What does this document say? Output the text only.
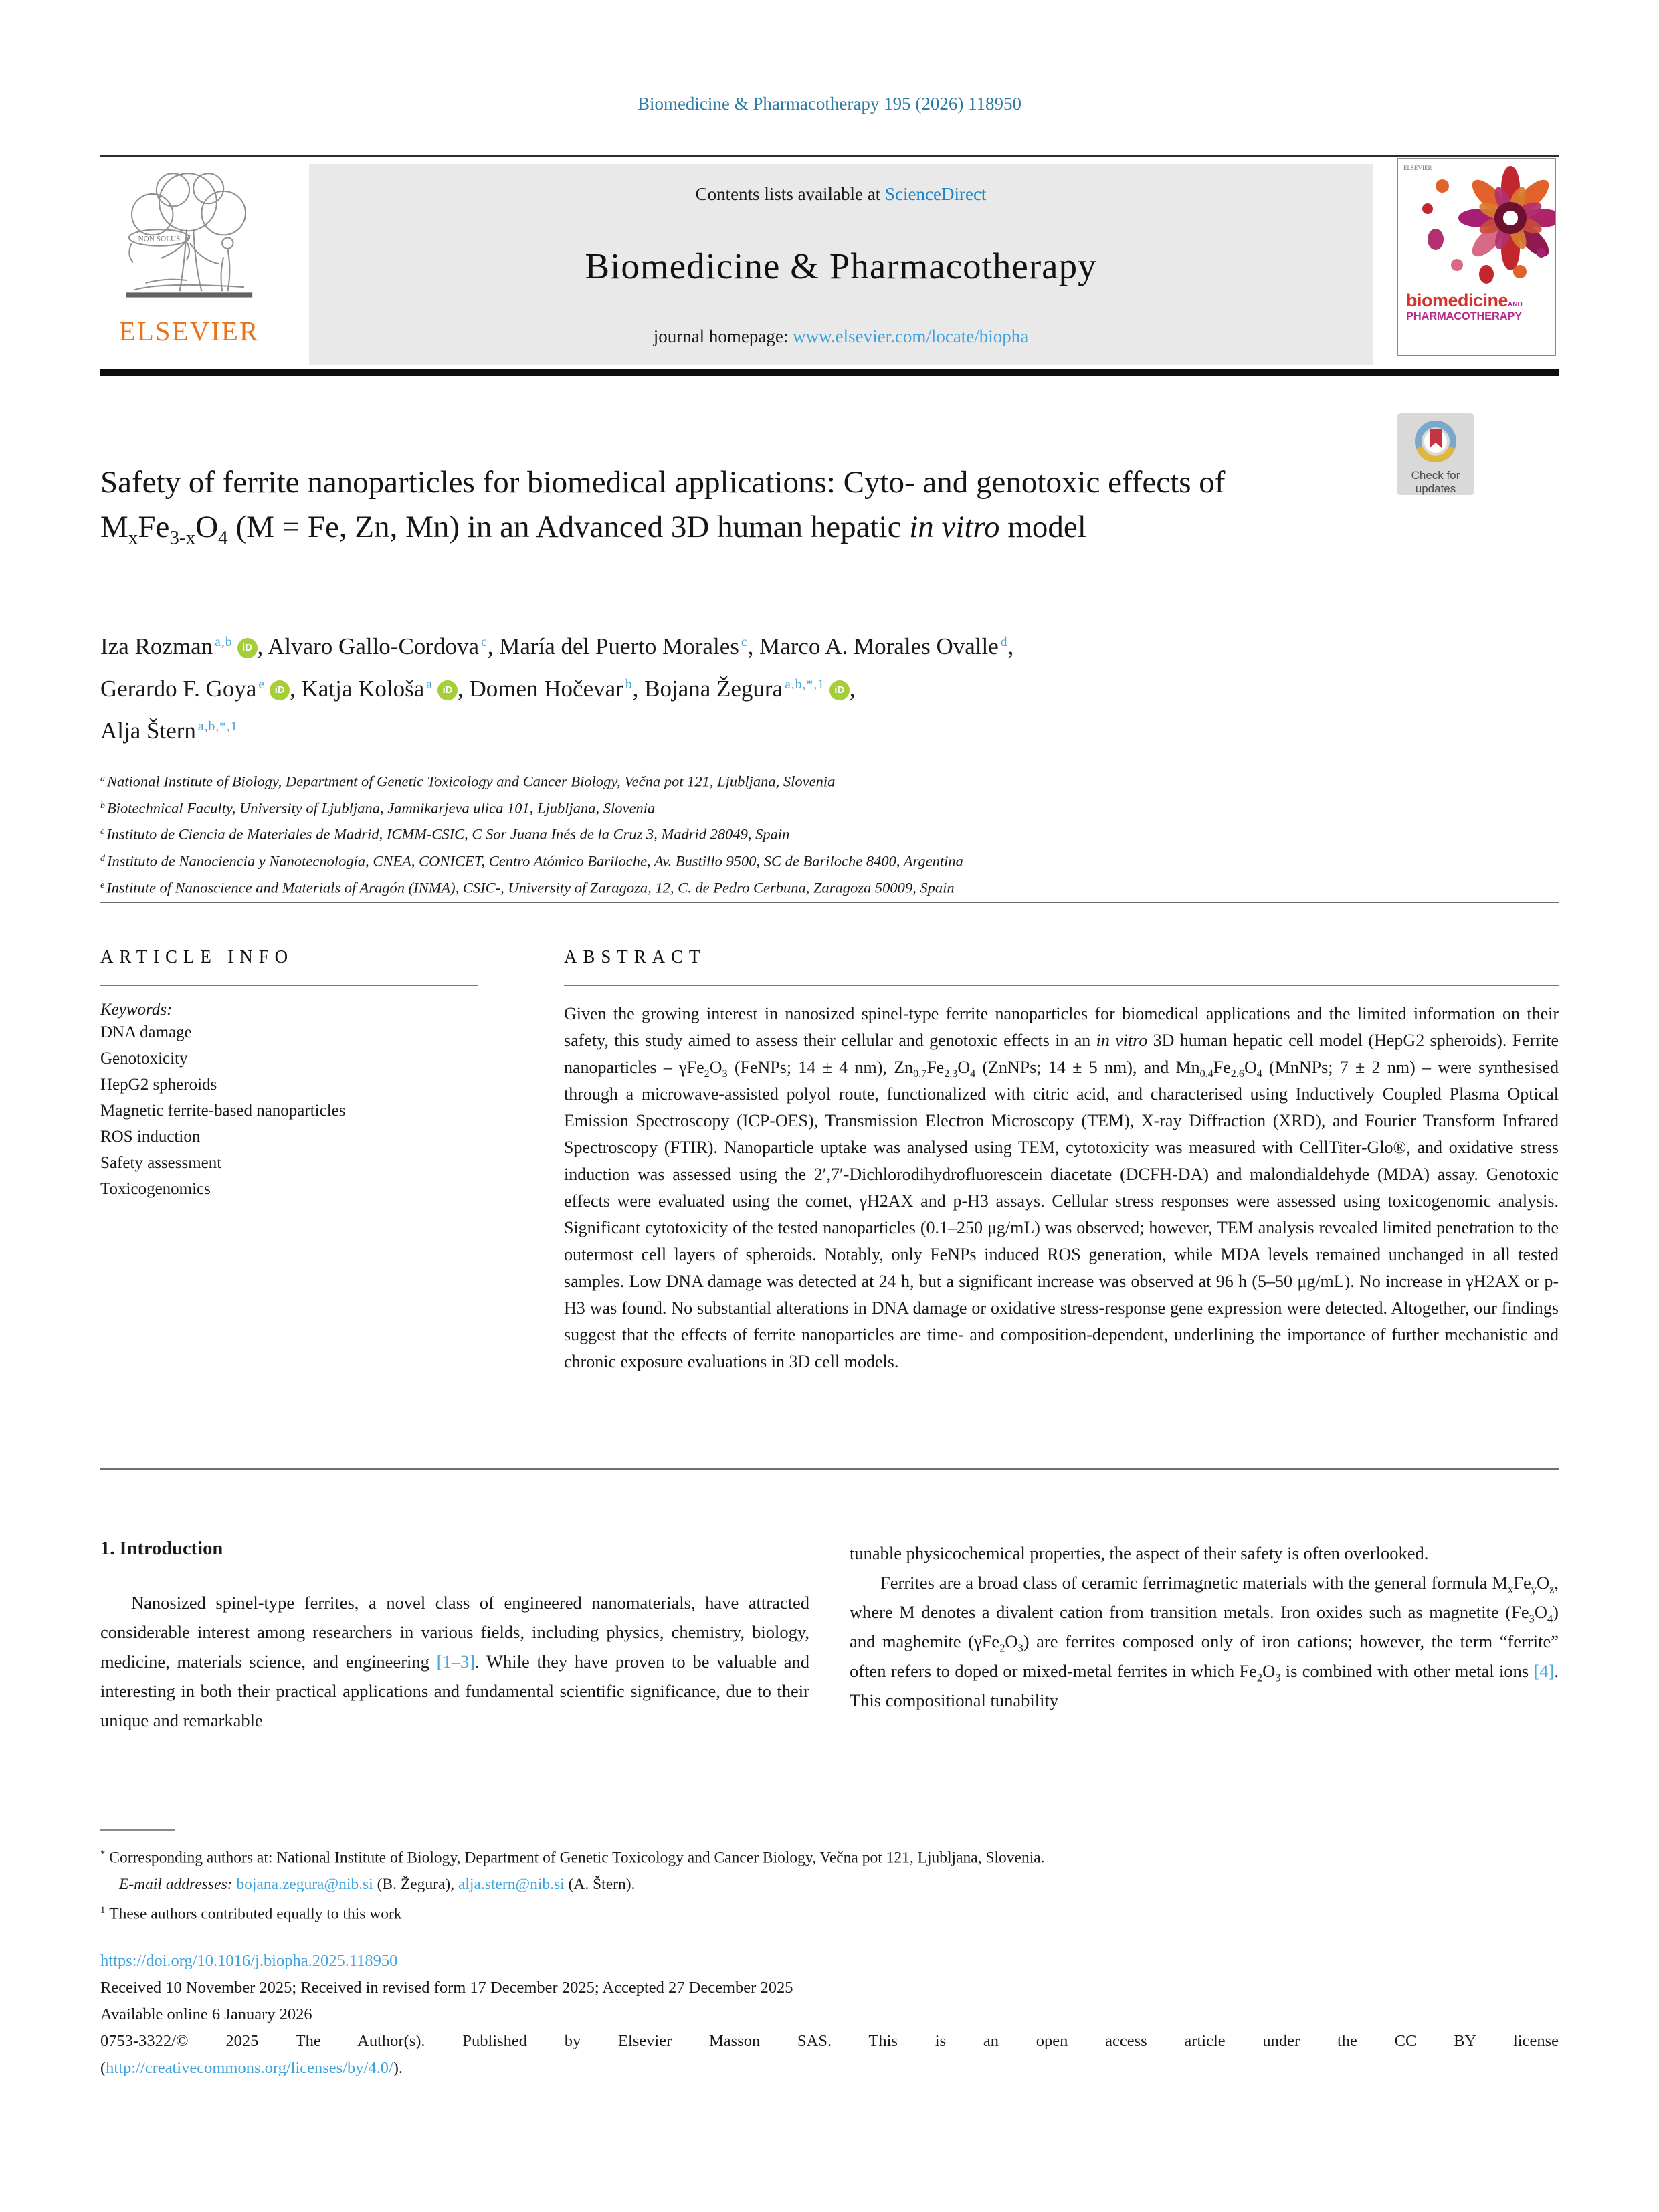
Biomedicine & Pharmacotherapy 195 (2026) 118950
NON SOLUS
ELSEVIER
Contents lists available at ScienceDirect
Biomedicine & Pharmacotherapy
journal homepage: www.elsevier.com/locate/biopha
ELSEVIER
biomedicineAND
PHARMACOTHERAPY
Check for
updates
Safety of ferrite nanoparticles for biomedical applications: Cyto- and genotoxic effects of $M_xFe_{3-x}O_4$ (M = Fe, Zn, Mn) in an Advanced 3D human hepatic in vitro model
Iza Rozman $^{a,b}$ iD , Alvaro Gallo-Cordova $^c$, María del Puerto Morales $^c$, Marco A. Morales Ovalle $^d$,
Gerardo F. Goya $^e$ iD , Katja Kološa $^a$ iD , Domen Hočevar $^b$, Bojana Žegura $^{a,b,*,1}$ iD ,
Alja Štern $^{a,b,*,1}$
$^a$ National Institute of Biology, Department of Genetic Toxicology and Cancer Biology, Večna pot 121, Ljubljana, Slovenia
$^b$ Biotechnical Faculty, University of Ljubljana, Jamnikarjeva ulica 101, Ljubljana, Slovenia
$^c$ Instituto de Ciencia de Materiales de Madrid, ICMM-CSIC, C Sor Juana Inés de la Cruz 3, Madrid 28049, Spain
$^d$ Instituto de Nanociencia y Nanotecnología, CNEA, CONICET, Centro Atómico Bariloche, Av. Bustillo 9500, SC de Bariloche 8400, Argentina
$^e$ Institute of Nanoscience and Materials of Aragón (INMA), CSIC-, University of Zaragoza, 12, C. de Pedro Cerbuna, Zaragoza 50009, Spain
ARTICLE INFO
Keywords:
DNA damage
Genotoxicity
HepG2 spheroids
Magnetic ferrite-based nanoparticles
ROS induction
Safety assessment
Toxicogenomics
ABSTRACT
Given the growing interest in nanosized spinel-type ferrite nanoparticles for biomedical applications and the limited information on their safety, this study aimed to assess their cellular and genotoxic effects in an in vitro 3D human hepatic cell model (HepG2 spheroids). Ferrite nanoparticles – $\gamma Fe_2O_3$ (FeNPs; 14 ± 4 nm), $Zn_{0.7}Fe_{2.3}O_4$ (ZnNPs; 14 ± 5 nm), and $Mn_{0.4}Fe_{2.6}O_4$ (MnNPs; 7 ± 2 nm) – were synthesised through a microwave-assisted polyol route, functionalized with citric acid, and characterised using Inductively Coupled Plasma Optical Emission Spectroscopy (ICP-OES), Transmission Electron Microscopy (TEM), X-ray Diffraction (XRD), and Fourier Transform Infrared Spectroscopy (FTIR). Nanoparticle uptake was analysed using TEM, cytotoxicity was measured with CellTiter-Glo®, and oxidative stress induction was assessed using the 2′,7′-Dichlorodihydrofluorescein diacetate (DCFH-DA) and malondialdehyde (MDA) assay. Genotoxic effects were evaluated using the comet, γH2AX and p-H3 assays. Cellular stress responses were assessed using toxicogenomic analysis. Significant cytotoxicity of the tested nanoparticles (0.1–250 μg/mL) was observed; however, TEM analysis revealed limited penetration to the outermost cell layers of spheroids. Notably, only FeNPs induced ROS generation, while MDA levels remained unchanged in all tested samples. Low DNA damage was detected at 24 h, but a significant increase was observed at 96 h (5–50 μg/mL). No increase in γH2AX or p-H3 was found. No substantial alterations in DNA damage or oxidative stress-response gene expression were detected. Altogether, our findings suggest that the effects of ferrite nanoparticles are time- and composition-dependent, underlining the importance of further mechanistic and chronic exposure evaluations in 3D cell models.
1. Introduction

Nanosized spinel-type ferrites, a novel class of engineered nanomaterials, have attracted considerable interest among researchers in various fields, including physics, chemistry, biology, medicine, materials science, and engineering [1–3]. While they have proven to be valuable and interesting in both their practical applications and fundamental scientific significance, due to their unique and remarkable

tunable physicochemical properties, the aspect of their safety is often overlooked.

Ferrites are a broad class of ceramic ferrimagnetic materials with the general formula $M_xFe_yO_z$, where M denotes a divalent cation from transition metals. Iron oxides such as magnetite $(Fe_3O_4)$ and maghemite $(\gamma Fe_2O_3)$ are ferrites composed only of iron cations; however, the term “ferrite” often refers to doped or mixed-metal ferrites in which $Fe_2O_3$ is combined with other metal ions [4]. This compositional tunability

* Corresponding authors at: National Institute of Biology, Department of Genetic Toxicology and Cancer Biology, Večna pot 121, Ljubljana, Slovenia.
E-mail addresses: bojana.zegura@nib.si (B. Žegura), alja.stern@nib.si (A. Štern).
$^1$ These authors contributed equally to this work
https://doi.org/10.1016/j.biopha.2025.118950
Received 10 November 2025; Received in revised form 17 December 2025; Accepted 27 December 2025
Available online 6 January 2026
0753-3322/© 2025 The Author(s). Published by Elsevier Masson SAS. This is an open access article under the CC BY license
(http://creativecommons.org/licenses/by/4.0/).
